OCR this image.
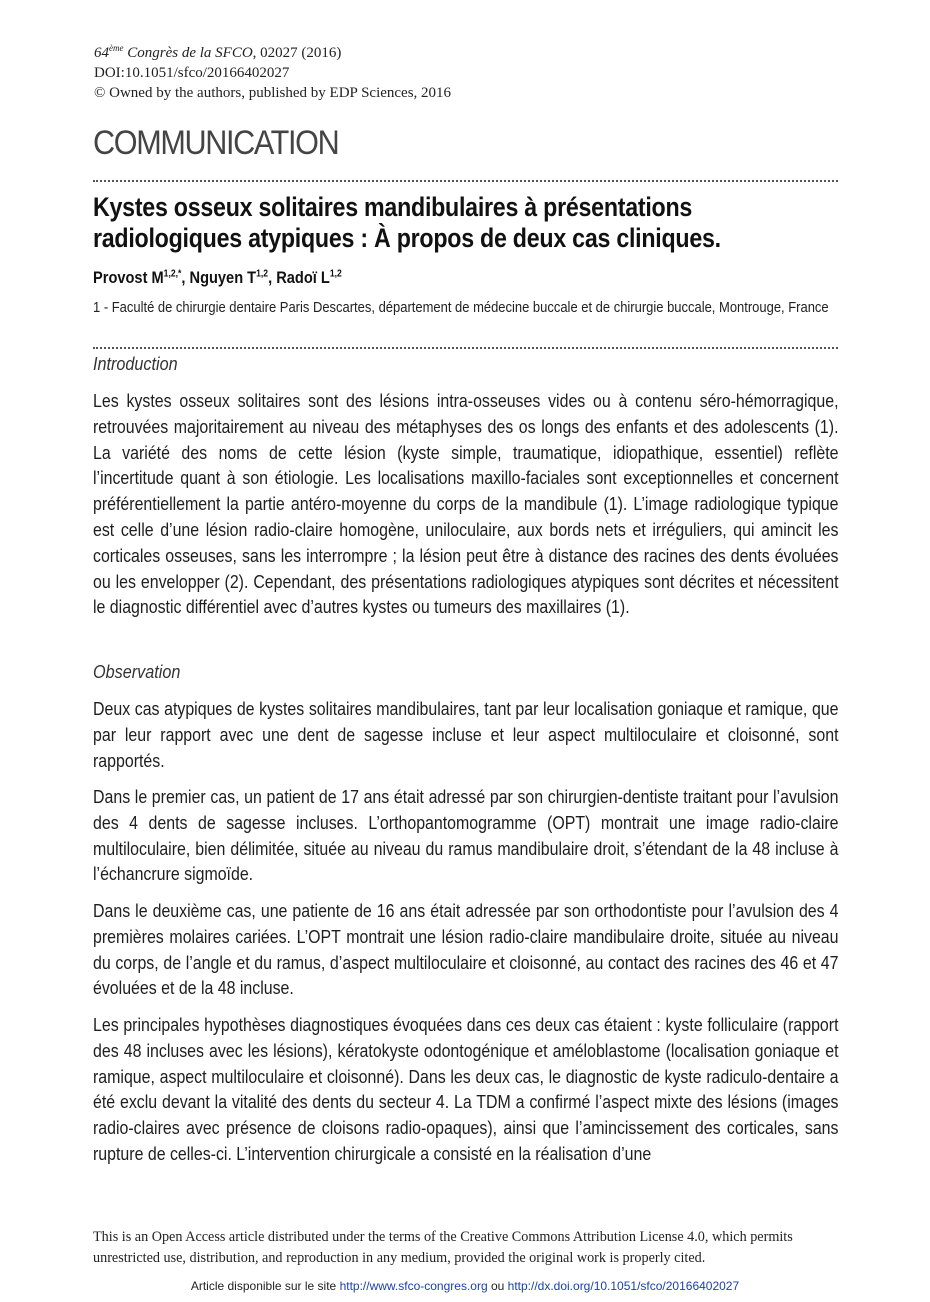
64ème Congrès de la SFCO, 02027 (2016)
DOI:10.1051/sfco/20166402027
© Owned by the authors, published by EDP Sciences, 2016
COMMUNICATION
Kystes osseux solitaires mandibulaires à présentations radiologiques atypiques : À propos de deux cas cliniques.
Provost $M^{1,2,*}$, Nguyen T$^{1,2}$, Radoï L$^{1,2}$
1 - Faculté de chirurgie dentaire Paris Descartes, département de médecine buccale et de chirurgie buccale, Montrouge, France
Introduction

Les kystes osseux solitaires sont des lésions intra-osseuses vides ou à contenu séro-hémorragique, retrouvées majoritairement au niveau des métaphyses des os longs des enfants et des adolescents (1). La variété des noms de cette lésion (kyste simple, traumatique, idiopathique, essentiel) reflète l’incertitude quant à son étiologie. Les localisations maxillo-faciales sont exceptionnelles et concernent préférentiellement la partie antéro-moyenne du corps de la mandibule (1). L’image radiologique typique est celle d’une lésion radio-claire homogène, uniloculaire, aux bords nets et irréguliers, qui amincit les corticales osseuses, sans les interrompre ; la lésion peut être à distance des racines des dents évoluées ou les envelopper (2). Cependant, des présentations radiologiques atypiques sont décrites et nécessitent le diagnostic différentiel avec d’autres kystes ou tumeurs des maxillaires (1).

Observation

Deux cas atypiques de kystes solitaires mandibulaires, tant par leur localisation goniaque et ramique, que par leur rapport avec une dent de sagesse incluse et leur aspect multiloculaire et cloisonné, sont rapportés.

Dans le premier cas, un patient de 17 ans était adressé par son chirurgien-dentiste traitant pour l’avulsion des 4 dents de sagesse incluses. L’orthopantomogramme (OPT) montrait une image radio-claire multiloculaire, bien délimitée, située au niveau du ramus mandibulaire droit, s’étendant de la 48 incluse à l’échancrure sigmoïde.

Dans le deuxième cas, une patiente de 16 ans était adressée par son orthodontiste pour l’avulsion des 4 premières molaires cariées. L’OPT montrait une lésion radio-claire mandibulaire droite, située au niveau du corps, de l’angle et du ramus, d’aspect multiloculaire et cloisonné, au contact des racines des 46 et 47 évoluées et de la 48 incluse.

Les principales hypothèses diagnostiques évoquées dans ces deux cas étaient : kyste folliculaire (rapport des 48 incluses avec les lésions), kératokyste odontogénique et améloblastome (localisation goniaque et ramique, aspect multiloculaire et cloisonné). Dans les deux cas, le diagnostic de kyste radiculo-dentaire a été exclu devant la vitalité des dents du secteur 4. La TDM a confirmé l’aspect mixte des lésions (images radio-claires avec présence de cloisons radio-opaques), ainsi que l’amincissement des corticales, sans rupture de celles-ci. L’intervention chirurgicale a consisté en la réalisation d’une

This is an Open Access article distributed under the terms of the Creative Commons Attribution License 4.0, which permits unrestricted use, distribution, and reproduction in any medium, provided the original work is properly cited.
Article disponible sur le site http://www.sfco-congres.org ou http://dx.doi.org/10.1051/sfco/20166402027
